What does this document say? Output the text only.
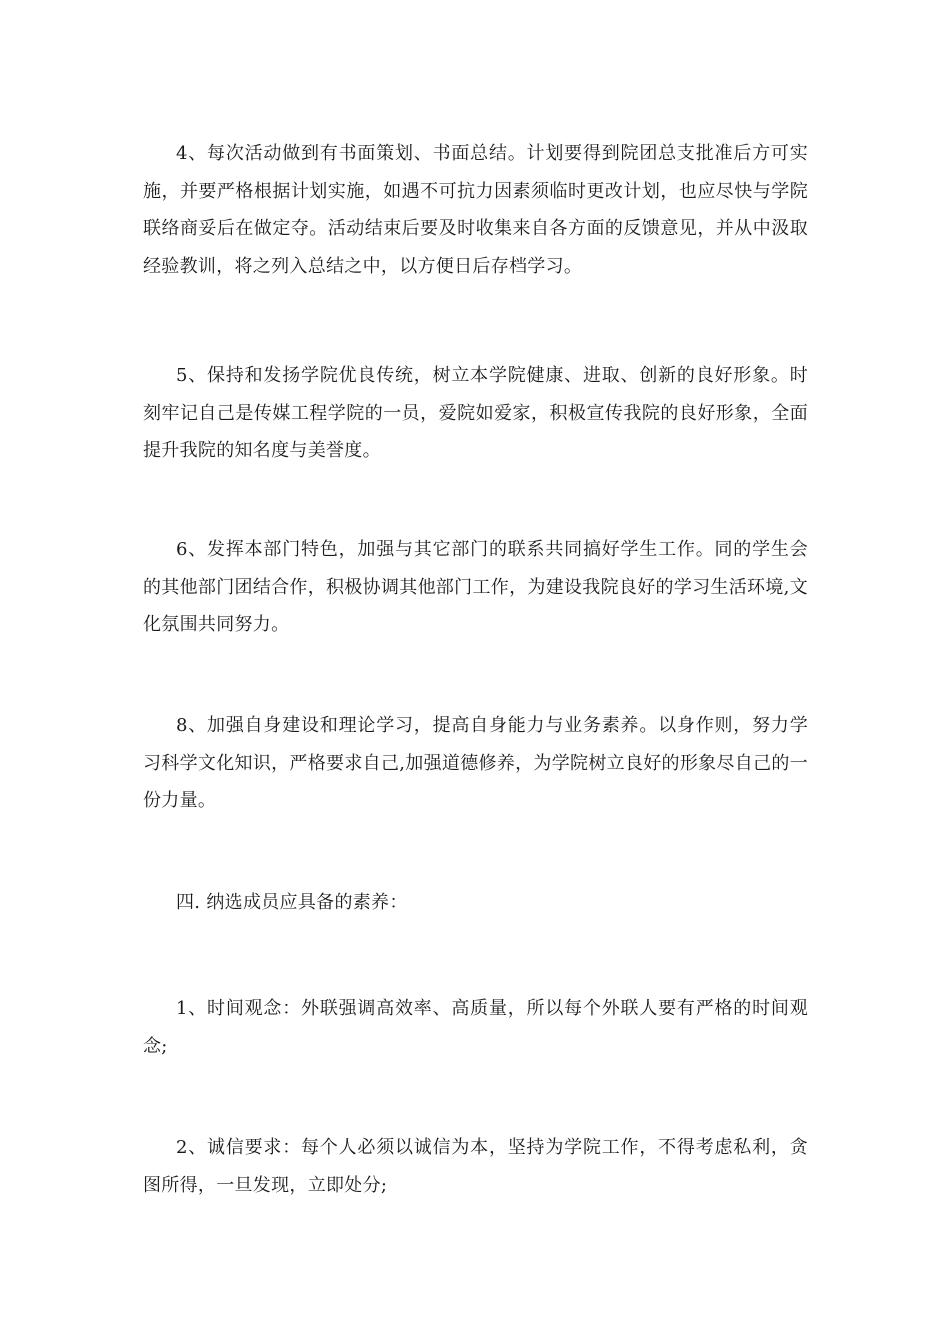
4、每次活动做到有书面策划、书面总结。计划要得到院团总支批准后方可实施，并要严格根据计划实施，如遇不可抗力因素须临时更改计划，也应尽快与学院联络商妥后在做定夺。活动结束后要及时收集来自各方面的反馈意见，并从中汲取经验教训，将之列入总结之中，以方便日后存档学习。

5、保持和发扬学院优良传统，树立本学院健康、进取、创新的良好形象。时刻牢记自己是传媒工程学院的一员，爱院如爱家，积极宣传我院的良好形象，全面提升我院的知名度与美誉度。

6、发挥本部门特色，加强与其它部门的联系共同搞好学生工作。同的学生会的其他部门团结合作，积极协调其他部门工作，为建设我院良好的学习生活环境,文化氛围共同努力。

8、加强自身建设和理论学习，提高自身能力与业务素养。以身作则，努力学习科学文化知识，严格要求自己,加强道德修养，为学院树立良好的形象尽自己的一份力量。

四. 纳选成员应具备的素养：

1、时间观念：外联强调高效率、高质量，所以每个外联人要有严格的时间观念;

2、诚信要求：每个人必须以诚信为本，坚持为学院工作，不得考虑私利，贪图所得，一旦发现，立即处分;
